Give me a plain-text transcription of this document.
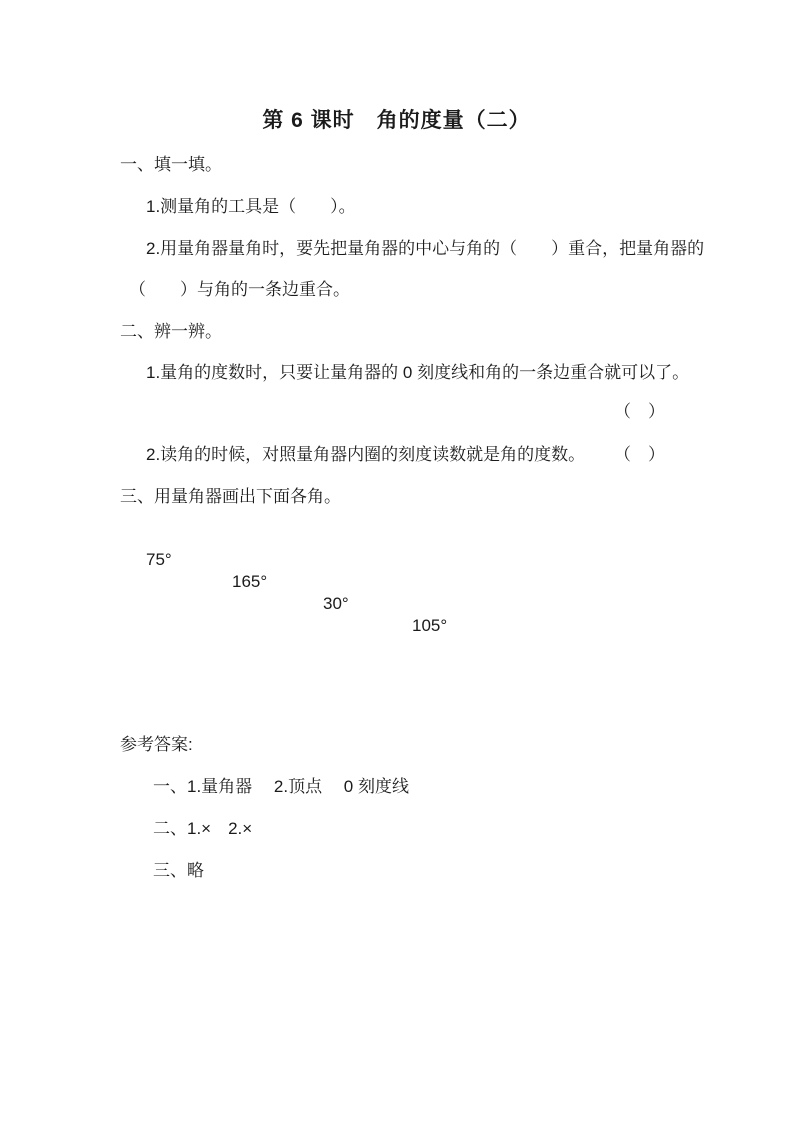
第 6 课时　角的度量（二）
一、填一填。
1.测量角的工具是（　　）。
2.用量角器量角时，要先把量角器的中心与角的（　　）重合，把量角器的
（　　）与角的一条边重合。
二、辨一辨。
1.量角的度数时，只要让量角器的 0 刻度线和角的一条边重合就可以了。
（　）
2.读角的时候，对照量角器内圈的刻度读数就是角的度数。 （　）
三、用量角器画出下面各角。

75°

165°

30°

105°

参考答案:
一、1.量角器　 2.顶点　 0 刻度线
二、1.×　2.×
三、略
